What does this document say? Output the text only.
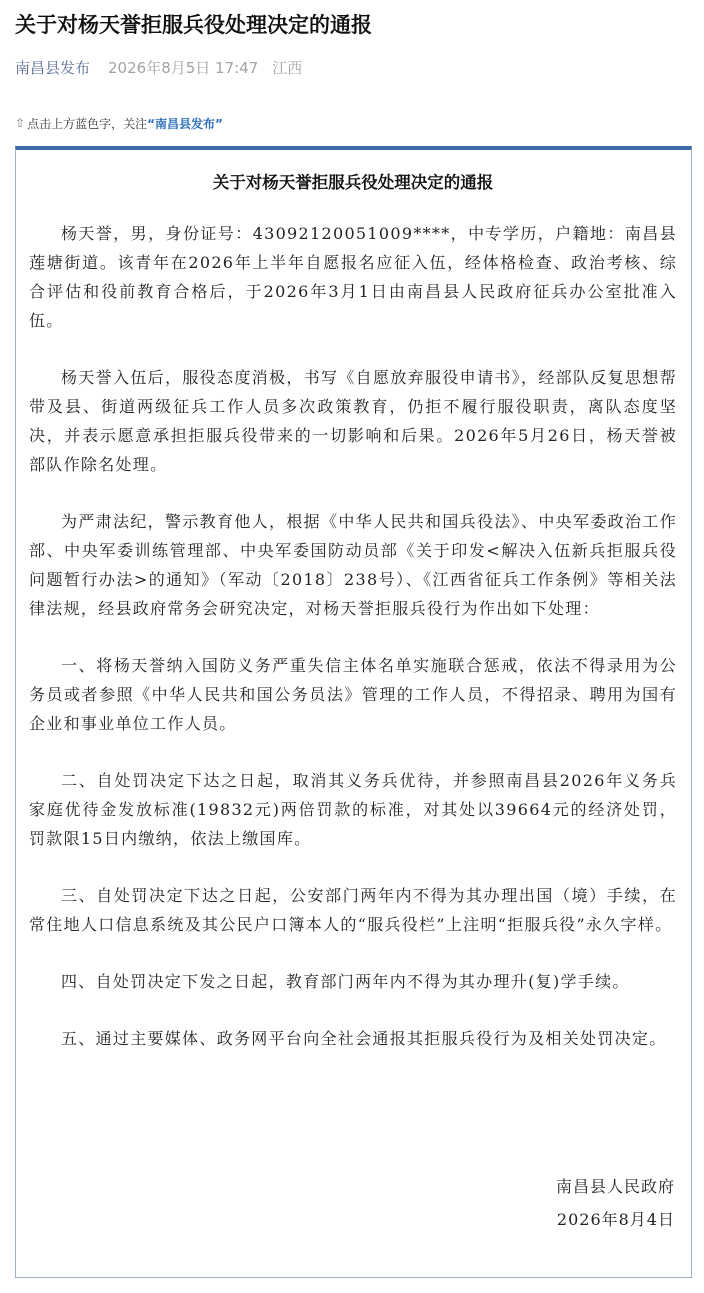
关于对杨天誉拒服兵役处理决定的通报
南昌县发布 2026年8月5日 17:47 江西
⇧ 点击上方蓝色字，关注 “南昌县发布”
关于对杨天誉拒服兵役处理决定的通报

杨天誉，男，身份证号：43092120051009****，中专学历，户籍地：南昌县莲塘街道。该青年在2026年上半年自愿报名应征入伍，经体格检查、政治考核、综合评估和役前教育合格后，于2026年3月1日由南昌县人民政府征兵办公室批准入伍。

杨天誉入伍后，服役态度消极，书写《自愿放弃服役申请书》，经部队反复思想帮带及县、街道两级征兵工作人员多次政策教育，仍拒不履行服役职责，离队态度坚决，并表示愿意承担拒服兵役带来的一切影响和后果。2026年5月26日，杨天誉被部队作除名处理。

为严肃法纪，警示教育他人，根据《中华人民共和国兵役法》、中央军委政治工作部、中央军委训练管理部、中央军委国防动员部《关于印发<解决入伍新兵拒服兵役问题暂行办法>的通知》（军动〔2018〕238号）、《江西省征兵工作条例》等相关法律法规，经县政府常务会研究决定，对杨天誉拒服兵役行为作出如下处理：

一、将杨天誉纳入国防义务严重失信主体名单实施联合惩戒，依法不得录用为公务员或者参照《中华人民共和国公务员法》管理的工作人员，不得招录、聘用为国有企业和事业单位工作人员。

二、自处罚决定下达之日起，取消其义务兵优待，并参照南昌县2026年义务兵家庭优待金发放标准(19832元)两倍罚款的标准，对其处以39664元的经济处罚，罚款限15日内缴纳，依法上缴国库。

三、自处罚决定下达之日起，公安部门两年内不得为其办理出国（境）手续，在常住地人口信息系统及其公民户口簿本人的“服兵役栏”上注明“拒服兵役”永久字样。

四、自处罚决定下发之日起，教育部门两年内不得为其办理升(复)学手续。

五、通过主要媒体、政务网平台向全社会通报其拒服兵役行为及相关处罚决定。

南昌县人民政府
2026年8月4日
